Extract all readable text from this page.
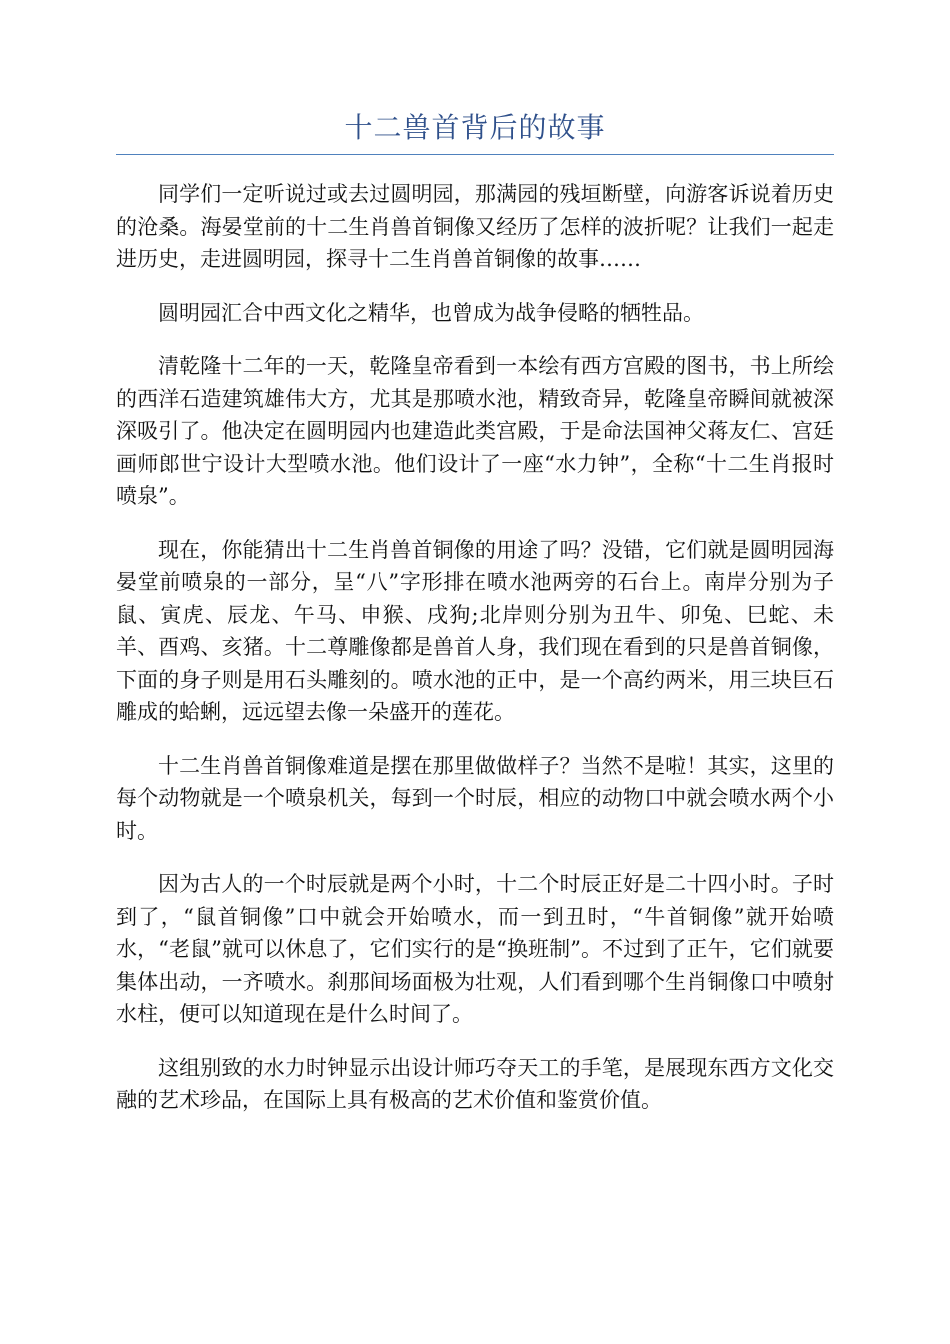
十二兽首背后的故事

同学们一定听说过或去过圆明园，那满园的残垣断壁，向游客诉说着历史的沧桑。海晏堂前的十二生肖兽首铜像又经历了怎样的波折呢？让我们一起走进历史，走进圆明园，探寻十二生肖兽首铜像的故事……

圆明园汇合中西文化之精华，也曾成为战争侵略的牺牲品。

清乾隆十二年的一天，乾隆皇帝看到一本绘有西方宫殿的图书，书上所绘的西洋石造建筑雄伟大方，尤其是那喷水池，精致奇异，乾隆皇帝瞬间就被深深吸引了。他决定在圆明园内也建造此类宫殿，于是命法国神父蒋友仁、宫廷画师郎世宁设计大型喷水池。他们设计了一座“水力钟”，全称“十二生肖报时喷泉”。

现在，你能猜出十二生肖兽首铜像的用途了吗？没错，它们就是圆明园海晏堂前喷泉的一部分，呈“八”字形排在喷水池两旁的石台上。南岸分别为子鼠、寅虎、辰龙、午马、申猴、戌狗;北岸则分别为丑牛、卯兔、巳蛇、未羊、酉鸡、亥猪。十二尊雕像都是兽首人身，我们现在看到的只是兽首铜像，下面的身子则是用石头雕刻的。喷水池的正中，是一个高约两米，用三块巨石雕成的蛤蜊，远远望去像一朵盛开的莲花。

十二生肖兽首铜像难道是摆在那里做做样子？当然不是啦！其实，这里的每个动物就是一个喷泉机关，每到一个时辰，相应的动物口中就会喷水两个小时。

因为古人的一个时辰就是两个小时，十二个时辰正好是二十四小时。子时到了，“鼠首铜像”口中就会开始喷水，而一到丑时，“牛首铜像”就开始喷水，“老鼠”就可以休息了，它们实行的是“换班制”。不过到了正午，它们就要集体出动，一齐喷水。刹那间场面极为壮观，人们看到哪个生肖铜像口中喷射水柱，便可以知道现在是什么时间了。

这组别致的水力时钟显示出设计师巧夺天工的手笔，是展现东西方文化交融的艺术珍品，在国际上具有极高的艺术价值和鉴赏价值。
